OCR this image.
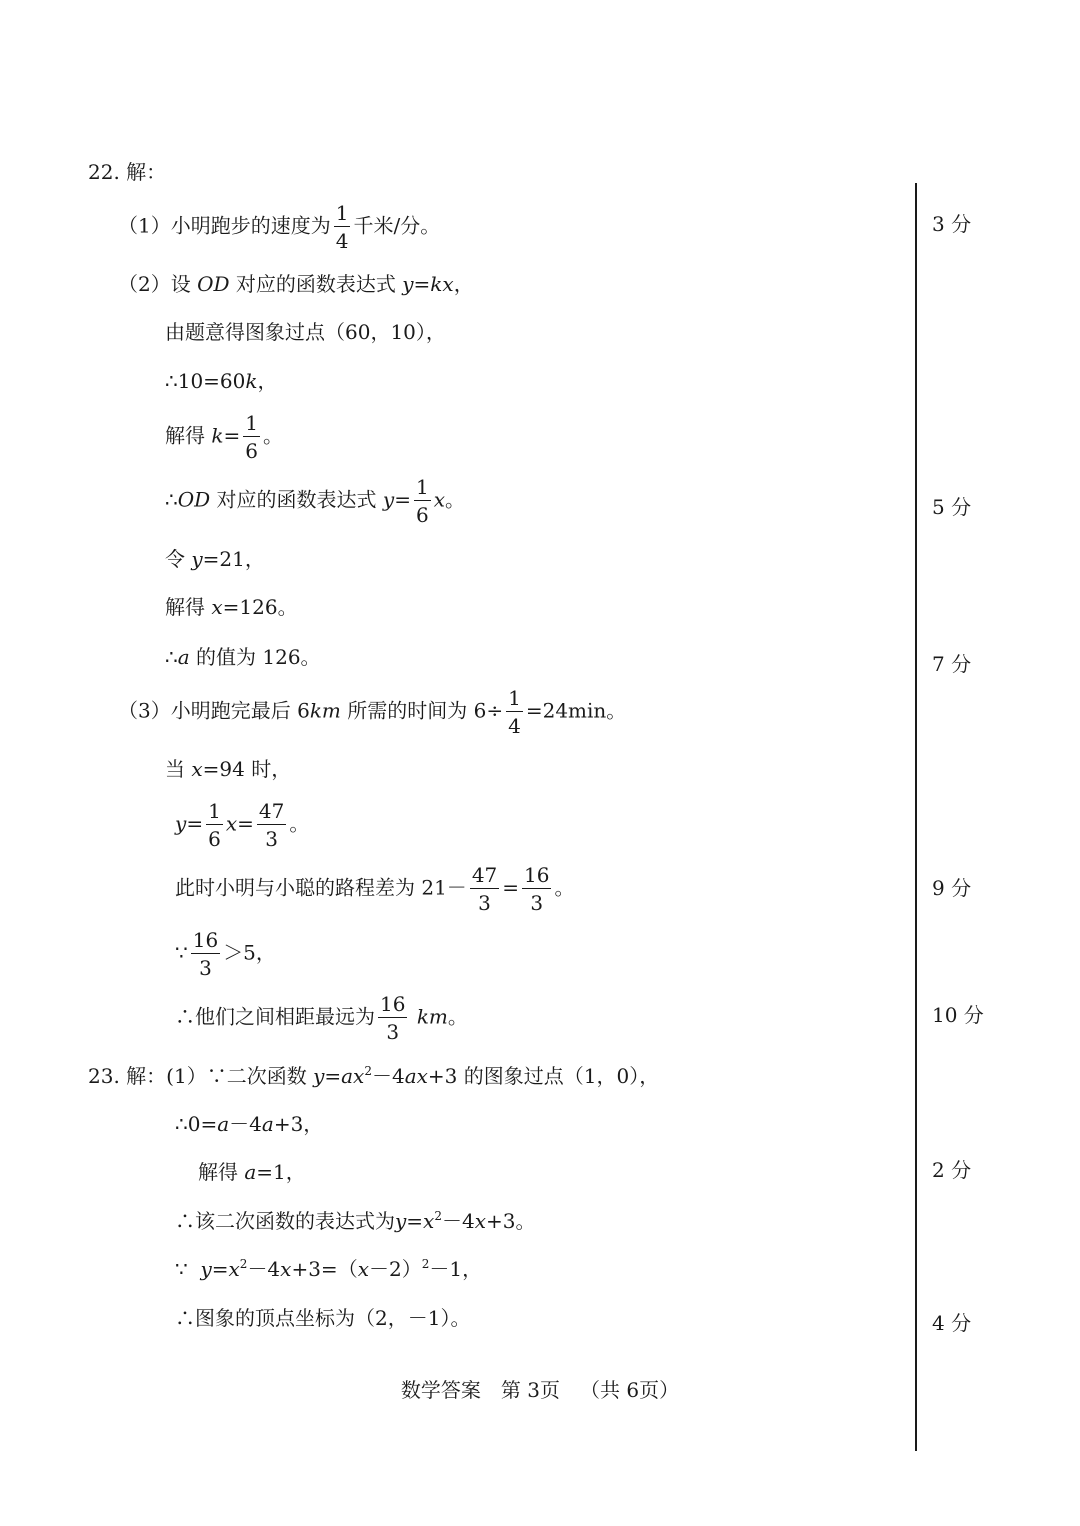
22. 解：
（1）小明跑步的速度为 $\frac{1}{4}$ 千米/分。
（2）设 OD 对应的函数表达式 y=kx，
由题意得图象过点（60，10），
∴10=60k，
解得 $k= \frac{1}{6}$ 。
∴OD 对应的函数表达式 $y= \frac{1}{6}$ x。
令 y=21，
解得 x=126。
∴a 的值为 126。
（3）小明跑完最后 6km 所需的时间为 $6\div \frac{1}{4} =24\min$。
当 x=94 时，
$y= \frac{1}{6} x= \frac{47}{3}$ 。
此时小明与小聪的路程差为 $21- \frac{47}{3} = \frac{16}{3}$ 。
∵ $\frac{16}{3} >5$，
∴他们之间相距最远为 $\frac{16}{3}$ km。
23. 解：(1）∵二次函数 $y=ax^2-4ax+3$ 的图象过点（1，0），
∴0=a－4a+3，
解得 a=1，
∴该二次函数的表达式为$y=x^2-4x+3$。
∵ $y=x^2-4x+3=(x-2)^2-1$，
∴图象的顶点坐标为（2，－1）。
3 分
5 分
7 分
9 分
10 分
2 分
4 分
数学答案 第 3页 （共 6页）
